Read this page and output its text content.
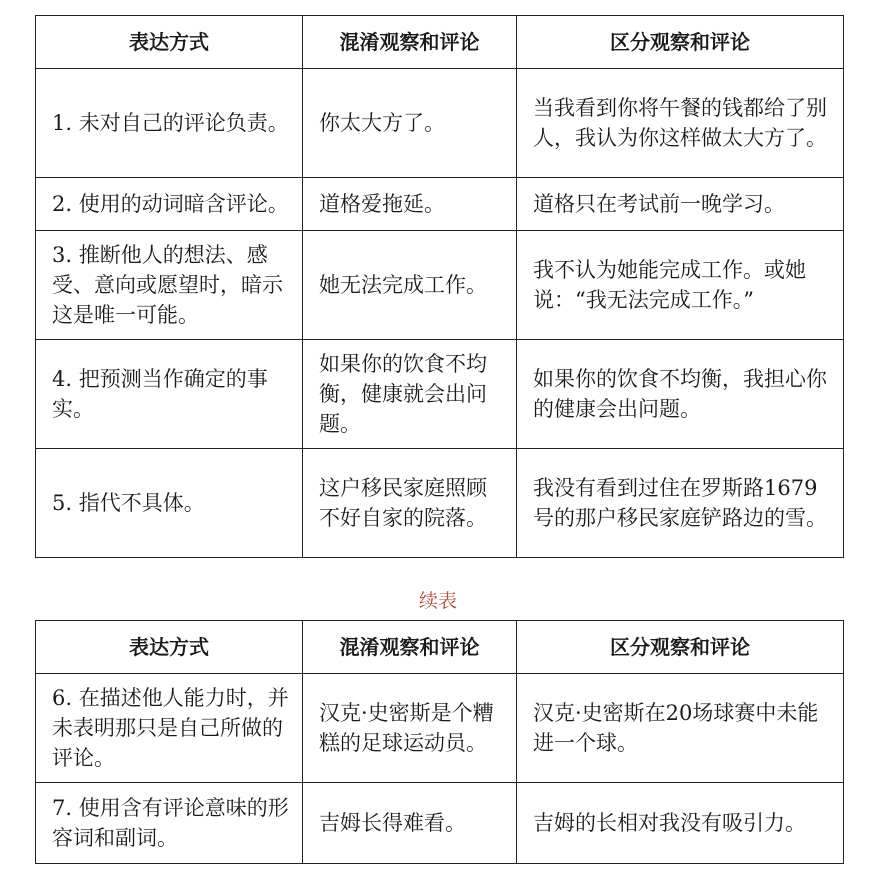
表达方式	混淆观察和评论	区分观察和评论
1. 未对自己的评论负责。	你太大方了。	当我看到你将午餐的钱都给了别人，我认为你这样做太大方了。
2. 使用的动词暗含评论。	道格爱拖延。	道格只在考试前一晚学习。
3. 推断他人的想法、感受、意向或愿望时，暗示这是唯一可能。	她无法完成工作。	我不认为她能完成工作。或她说：“我无法完成工作。”
4. 把预测当作确定的事实。	如果你的饮食不均衡，健康就会出问题。	如果你的饮食不均衡，我担心你的健康会出问题。
5. 指代不具体。	这户移民家庭照顾不好自家的院落。	我没有看到过住在罗斯路1679号的那户移民家庭铲路边的雪。
续表
表达方式	混淆观察和评论	区分观察和评论
6. 在描述他人能力时，并未表明那只是自己所做的评论。	汉克·史密斯是个糟糕的足球运动员。	汉克·史密斯在20场球赛中未能进一个球。
7. 使用含有评论意味的形容词和副词。	吉姆长得难看。	吉姆的长相对我没有吸引力。
